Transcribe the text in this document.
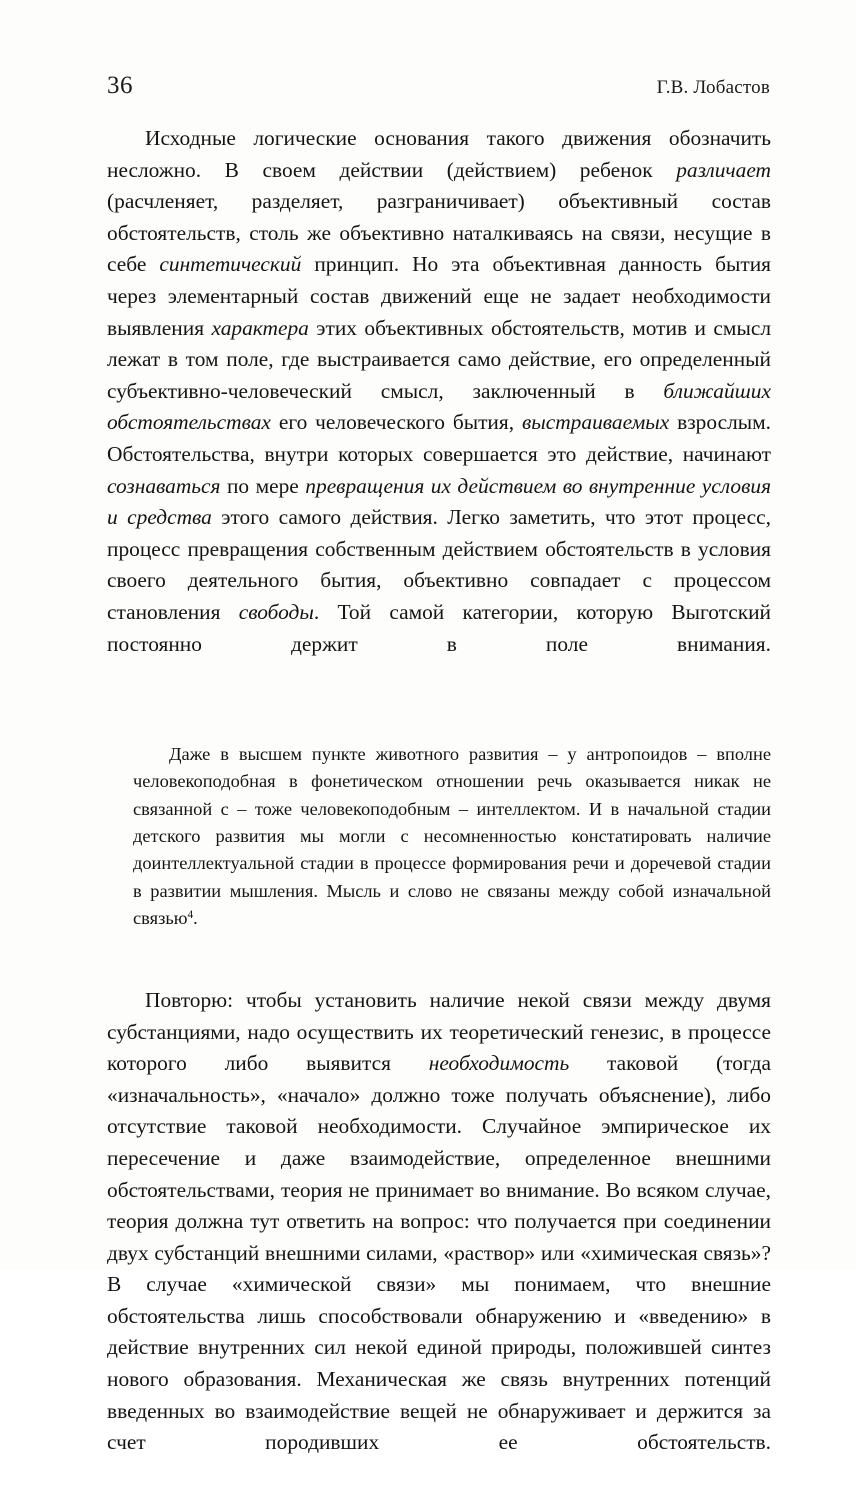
36	Г.В. Лобастов

Исходные логические основания такого движения обозначить несложно. В своем действии (действием) ребенок различает (расчленяет, разделяет, разграничивает) объективный состав обстоятельств, столь же объективно наталкиваясь на связи, несущие в себе синтетический принцип. Но эта объективная данность бытия через элементарный состав движений еще не задает необходимости выявления характера этих объективных обстоятельств, мотив и смысл лежат в том поле, где выстраивается само действие, его определенный субъективно-человеческий смысл, заключенный в ближайших обстоятельствах его человеческого бытия, выстраиваемых взрослым. Обстоятельства, внутри которых совершается это действие, начинают сознаваться по мере превращения их действием во внутренние условия и средства этого самого действия. Легко заметить, что этот процесс, процесс превращения собственным действием обстоятельств в условия своего деятельного бытия, объективно совпадает с процессом становления свободы. Той самой категории, которую Выготский постоянно держит в поле внимания.

Даже в высшем пункте животного развития – у антропоидов – вполне человекоподобная в фонетическом отношении речь оказывается никак не связанной с – тоже человекоподобным – интеллектом. И в начальной стадии детского развития мы могли с несомненностью констатировать наличие доинтеллектуальной стадии в процессе формирования речи и доречевой стадии в развитии мышления. Мысль и слово не связаны между собой изначальной связью$^4$.

Повторю: чтобы установить наличие некой связи между двумя субстанциями, надо осуществить их теоретический генезис, в процессе которого либо выявится необходимость таковой (тогда «изначальность», «начало» должно тоже получать объяснение), либо отсутствие таковой необходимости. Случайное эмпирическое их пересечение и даже взаимодействие, определенное внешними обстоятельствами, теория не принимает во внимание. Во всяком случае, теория должна тут ответить на вопрос: что получается при соединении двух субстанций внешними силами, «раствор» или «химическая связь»? В случае «химической связи» мы понимаем, что внешние обстоятельства лишь способствовали обнаружению и «введению» в действие внутренних сил некой единой природы, положившей синтез нового образования. Механическая же связь внутренних потенций введенных во взаимодействие вещей не обнаруживает и держится за счет породивших ее обстоятельств.
